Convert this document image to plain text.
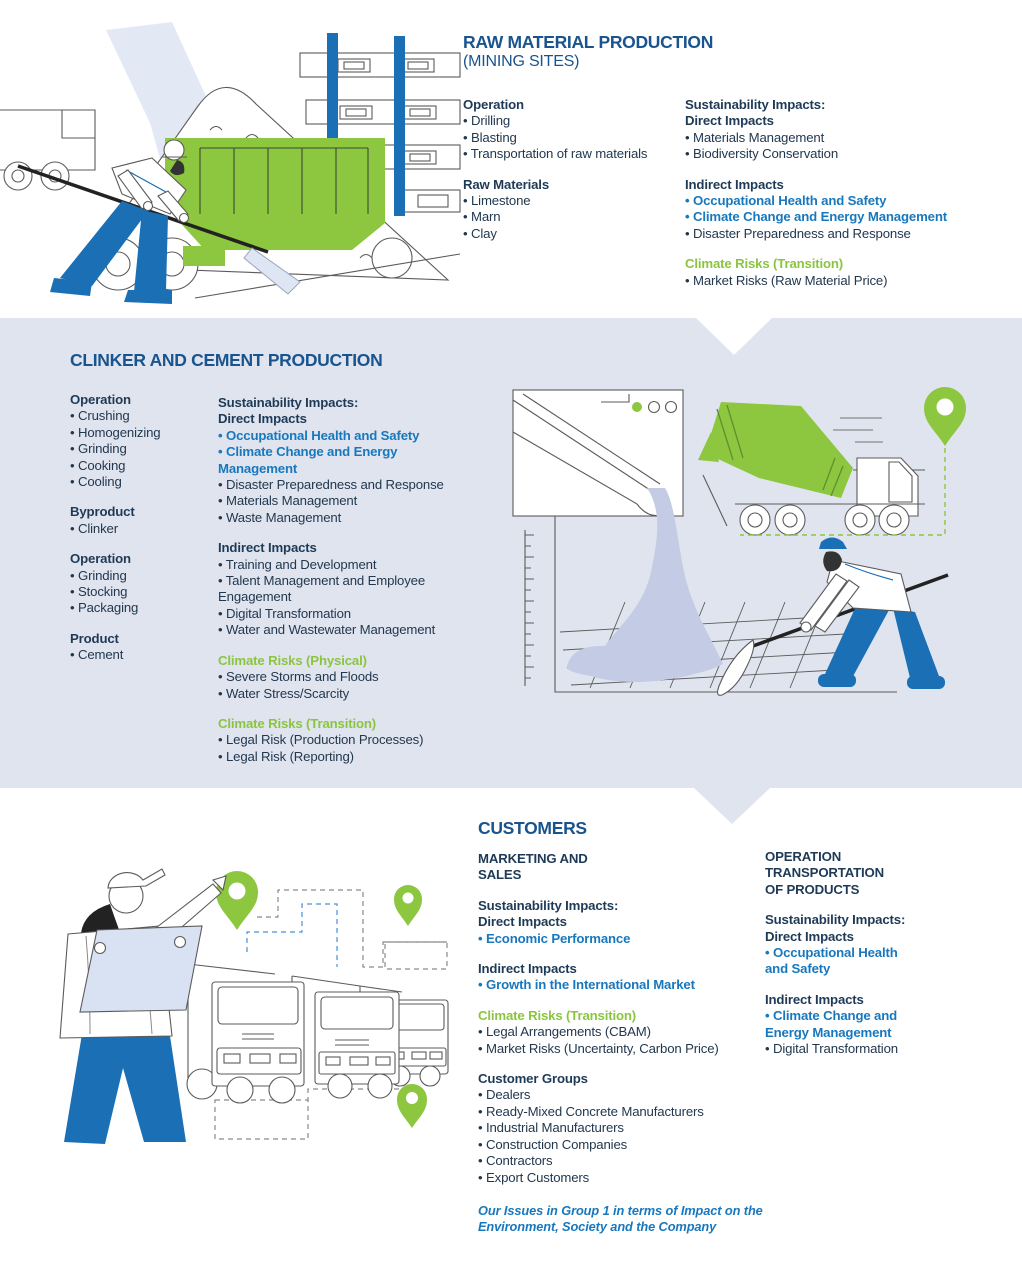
RAW MATERIAL PRODUCTION
(MINING SITES)
Operation
• Drilling
• Blasting
• Transportation of raw materials
Raw Materials
• Limestone
• Marn
• Clay
Sustainability Impacts:
Direct Impacts
• Materials Management
• Biodiversity Conservation
Indirect Impacts
• Occupational Health and Safety
• Climate Change and Energy Management
• Disaster Preparedness and Response
Climate Risks (Transition)
• Market Risks (Raw Material Price)
CLINKER AND CEMENT PRODUCTION
Operation
• Crushing
• Homogenizing
• Grinding
• Cooking
• Cooling
Byproduct
• Clinker
Operation
• Grinding
• Stocking
• Packaging
Product
• Cement
Sustainability Impacts:
Direct Impacts
• Occupational Health and Safety
• Climate Change and Energy Management
• Disaster Preparedness and Response
• Materials Management
• Waste Management
Indirect Impacts
• Training and Development
• Talent Management and Employee Engagement
• Digital Transformation
• Water and Wastewater Management
Climate Risks (Physical)
• Severe Storms and Floods
• Water Stress/Scarcity
Climate Risks (Transition)
• Legal Risk (Production Processes)
• Legal Risk (Reporting)
CUSTOMERS
MARKETING AND
SALES
Sustainability Impacts:
Direct Impacts
• Economic Performance
Indirect Impacts
• Growth in the International Market
Climate Risks (Transition)
• Legal Arrangements (CBAM)
• Market Risks (Uncertainty, Carbon Price)
Customer Groups
• Dealers
• Ready-Mixed Concrete Manufacturers
• Industrial Manufacturers
• Construction Companies
• Contractors
• Export Customers
OPERATION
TRANSPORTATION
OF PRODUCTS
Sustainability Impacts:
Direct Impacts
• Occupational Health and Safety
Indirect Impacts
• Climate Change and Energy Management
• Digital Transformation
Our Issues in Group 1 in terms of Impact on the Environment, Society and the Company
